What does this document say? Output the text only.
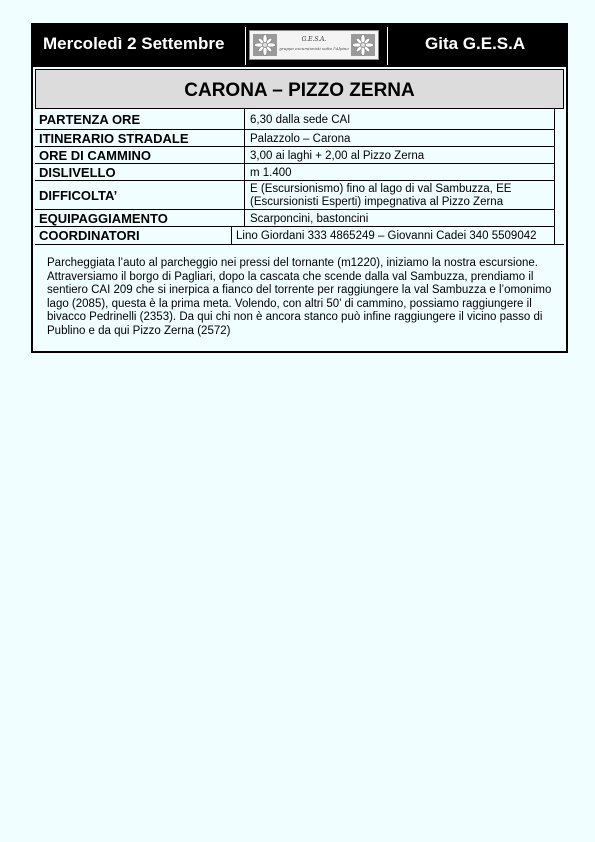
Mercoledì 2 Settembre	G.E.S.A.
gruppo escursionisti sotto l'Alpino	Gita G.E.S.A
CARONA – PIZZO ZERNA
PARTENZA ORE	6,30 dalla sede CAI
ITINERARIO STRADALE	Palazzolo – Carona
ORE DI CAMMINO	3,00 ai laghi + 2,00 al Pizzo Zerna
DISLIVELLO	m 1.400
DIFFICOLTA’	E (Escursionismo) fino al lago di val Sambuzza, EE
(Escursionisti Esperti) impegnativa al Pizzo Zerna
EQUIPAGGIAMENTO	Scarponcini, bastoncini
COORDINATORI	Lino Giordani 333 4865249 – Giovanni Cadei 340 5509042
Parcheggiata l’auto al parcheggio nei pressi del tornante (m1220), iniziamo la nostra escursione. Attraversiamo il borgo di Pagliari, dopo la cascata che scende dalla val Sambuzza, prendiamo il sentiero CAI 209 che si inerpica a fianco del torrente per raggiungere la val Sambuzza e l’omonimo lago (2085), questa è la prima meta. Volendo, con altri 50’ di cammino, possiamo raggiungere il bivacco Pedrinelli (2353). Da qui chi non è ancora stanco può infine raggiungere il vicino passo di Publino e da qui Pizzo Zerna (2572)
